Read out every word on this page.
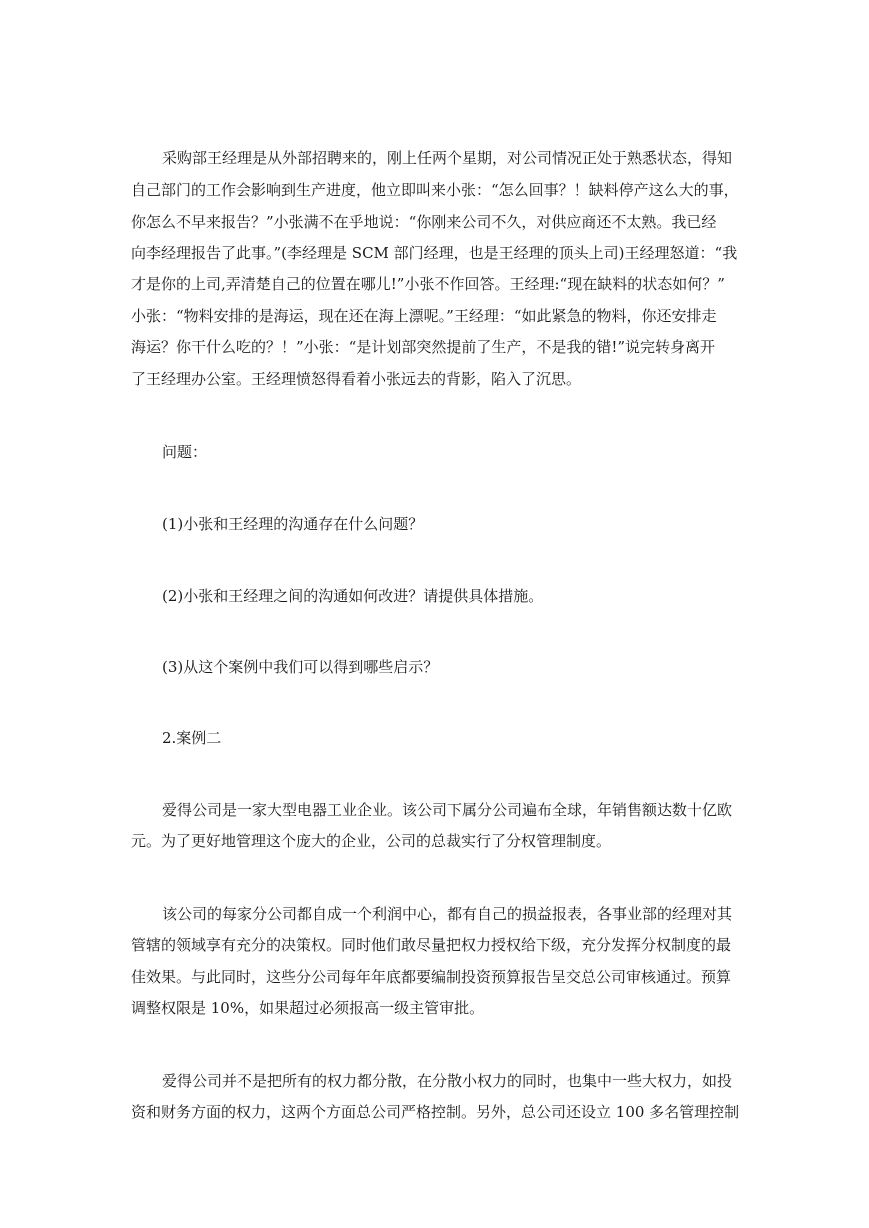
采购部王经理是从外部招聘来的，刚上任两个星期，对公司情况正处于熟悉状态，得知
自己部门的工作会影响到生产进度，他立即叫来小张：“怎么回事？！缺料停产这么大的事，
你怎么不早来报告？”小张满不在乎地说：“你刚来公司不久，对供应商还不太熟。我已经
向李经理报告了此事。”(李经理是 SCM 部门经理，也是王经理的顶头上司)王经理怒道：“我
才是你的上司,弄清楚自己的位置在哪儿!”小张不作回答。王经理:“现在缺料的状态如何？”
小张：“物料安排的是海运，现在还在海上漂呢。”王经理：“如此紧急的物料，你还安排走
海运？你干什么吃的？！”小张：“是计划部突然提前了生产，不是我的错!”说完转身离开
了王经理办公室。王经理愤怒得看着小张远去的背影，陷入了沉思。
问题：
(1)小张和王经理的沟通存在什么问题？
(2)小张和王经理之间的沟通如何改进？请提供具体措施。
(3)从这个案例中我们可以得到哪些启示？
2.案例二
爱得公司是一家大型电器工业企业。该公司下属分公司遍布全球，年销售额达数十亿欧
元。为了更好地管理这个庞大的企业，公司的总裁实行了分权管理制度。
该公司的每家分公司都自成一个利润中心，都有自己的损益报表，各事业部的经理对其
管辖的领域享有充分的决策权。同时他们敢尽量把权力授权给下级，充分发挥分权制度的最
佳效果。与此同时，这些分公司每年年底都要编制投资预算报告呈交总公司审核通过。预算
调整权限是 10%，如果超过必须报高一级主管审批。
爱得公司并不是把所有的权力都分散，在分散小权力的同时，也集中一些大权力，如投
资和财务方面的权力，这两个方面总公司严格控制。另外，总公司还设立 100 多名管理控制
